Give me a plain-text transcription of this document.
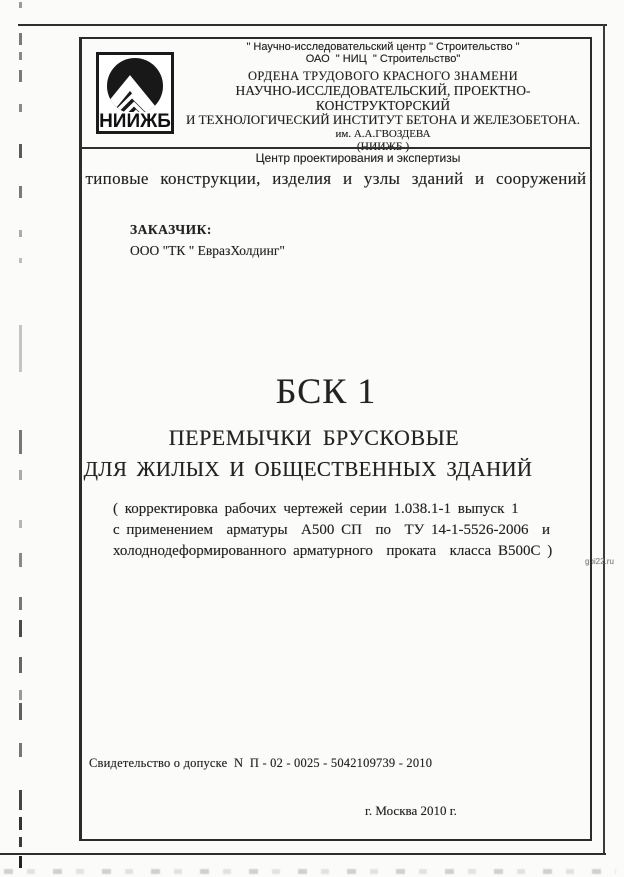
gbi22.ru
НИИЖБ
" Научно-исследовательский центр " Строительство "
ОАО  " НИЦ  " Строительство"
ОРДЕНА ТРУДОВОГО КРАСНОГО ЗНАМЕНИ
НАУЧНО-ИССЛЕДОВАТЕЛЬСКИЙ, ПРОЕКТНО-КОНСТРУКТОРСКИЙ
И ТЕХНОЛОГИЧЕСКИЙ ИНСТИТУТ БЕТОНА И ЖЕЛЕЗОБЕТОНА.
им. А.А.ГВОЗДЕВА
Центр проектирования и экспертизы
типовые конструкции, изделия и узлы зданий и сооружений
ЗАКАЗЧИК:
ООО "ТК " ЕвразХолдинг"
БСК 1
ПЕРЕМЫЧКИ БРУСКОВЫЕ
ДЛЯ ЖИЛЫХ И ОБЩЕСТВЕННЫХ ЗДАНИЙ
( корректировка рабочих чертежей серии 1.038.1-1 выпуск 1
с применением  арматуры  А500 СП  по  ТУ 14-1-5526-2006  и
холоднодеформированного арматурного  проката  класса В500С )
Свидетельство о допуске  N  П - 02 - 0025 - 5042109739 - 2010
г. Москва 2010 г.
